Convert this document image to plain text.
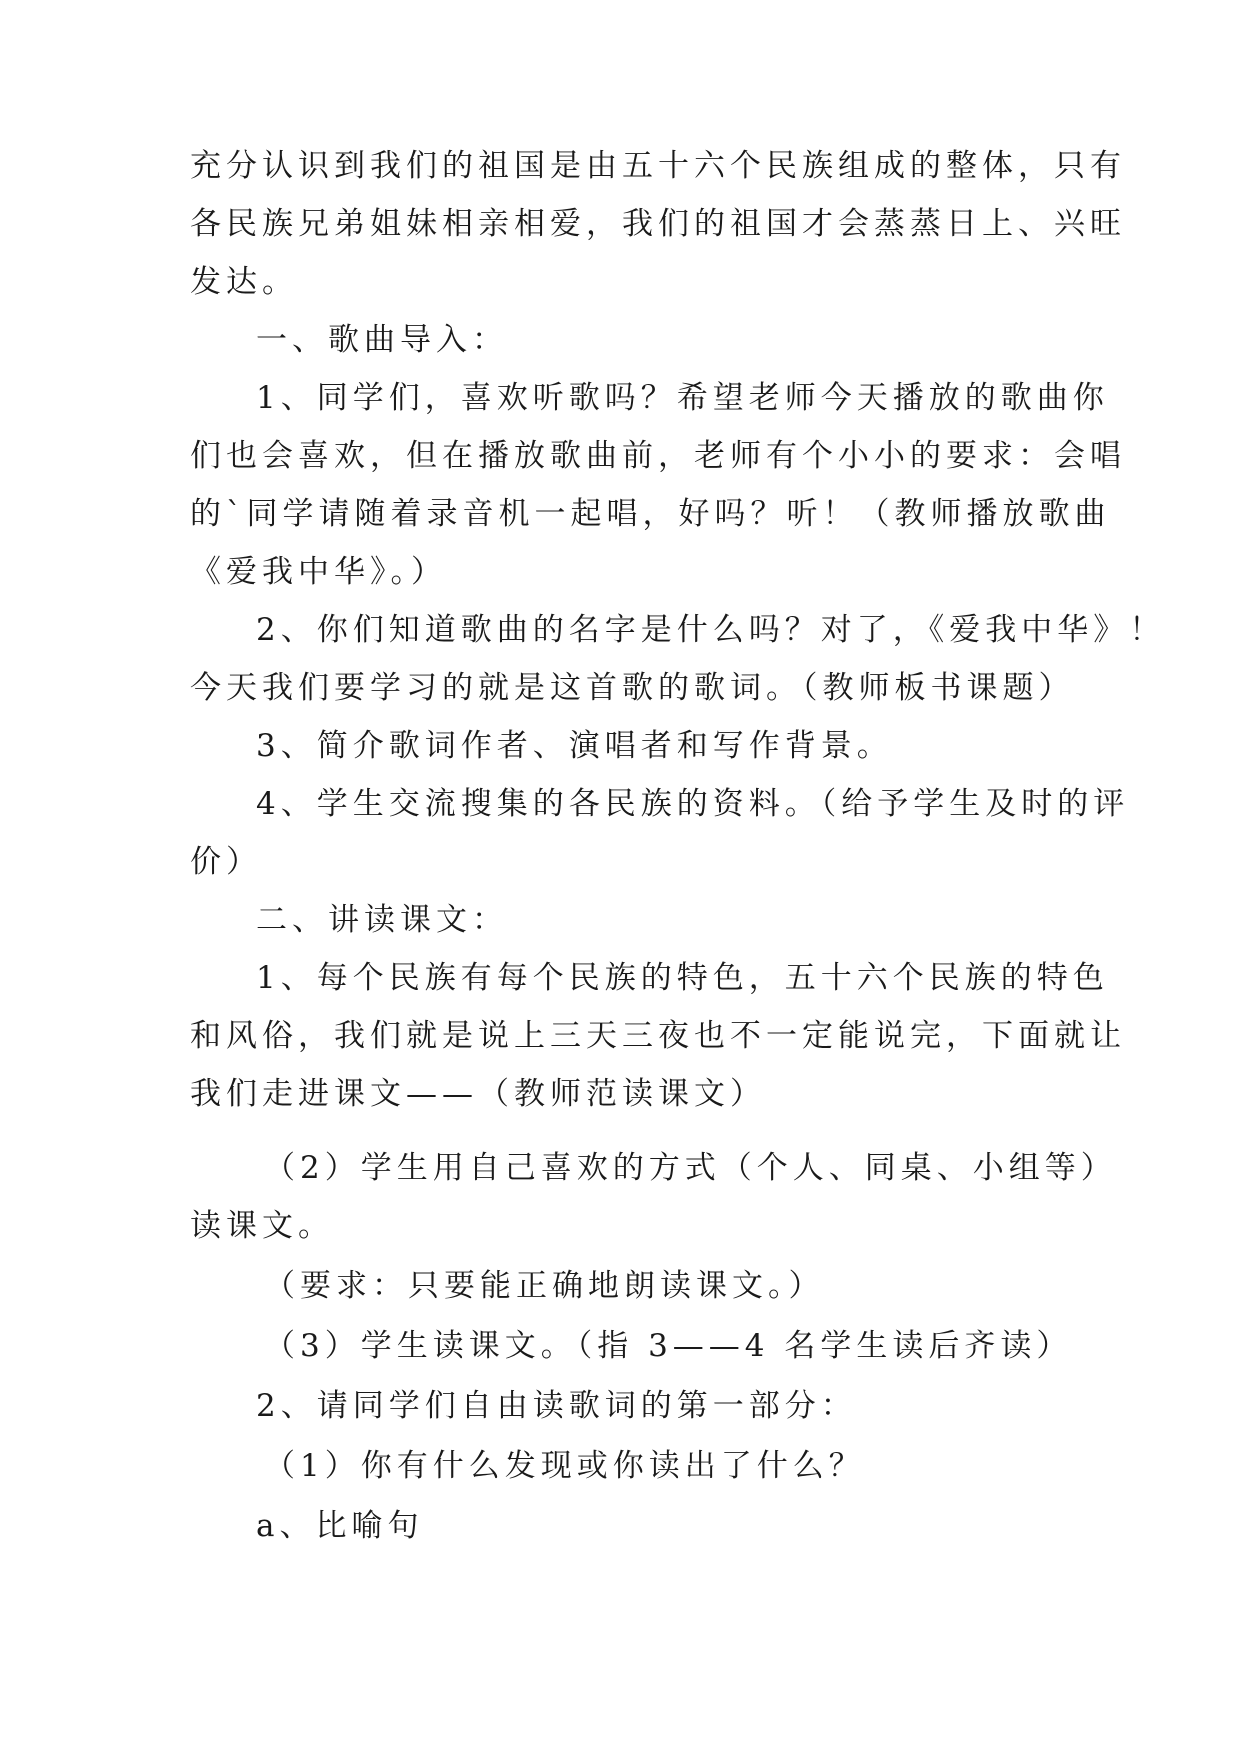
充分认识到我们的祖国是由五十六个民族组成的整体，只有
各民族兄弟姐妹相亲相爱，我们的祖国才会蒸蒸日上、兴旺
发达。
一、歌曲导入：
1、同学们，喜欢听歌吗？希望老师今天播放的歌曲你
们也会喜欢，但在播放歌曲前，老师有个小小的要求：会唱
的`同学请随着录音机一起唱，好吗？听！（教师播放歌曲
《爱我中华》。）
2、你们知道歌曲的名字是什么吗？对了，《爱我中华》！
今天我们要学习的就是这首歌的歌词。（教师板书课题）
3、简介歌词作者、演唱者和写作背景。
4、学生交流搜集的各民族的资料。（给予学生及时的评
价）
二、讲读课文：
1、每个民族有每个民族的特色，五十六个民族的特色
和风俗，我们就是说上三天三夜也不一定能说完，下面就让
我们走进课文——（教师范读课文）
（2）学生用自己喜欢的方式（个人、同桌、小组等）
读课文。
（要求：只要能正确地朗读课文。）
（3）学生读课文。（指 3——4 名学生读后齐读）
2、请同学们自由读歌词的第一部分：
（1）你有什么发现或你读出了什么？
a、比喻句
